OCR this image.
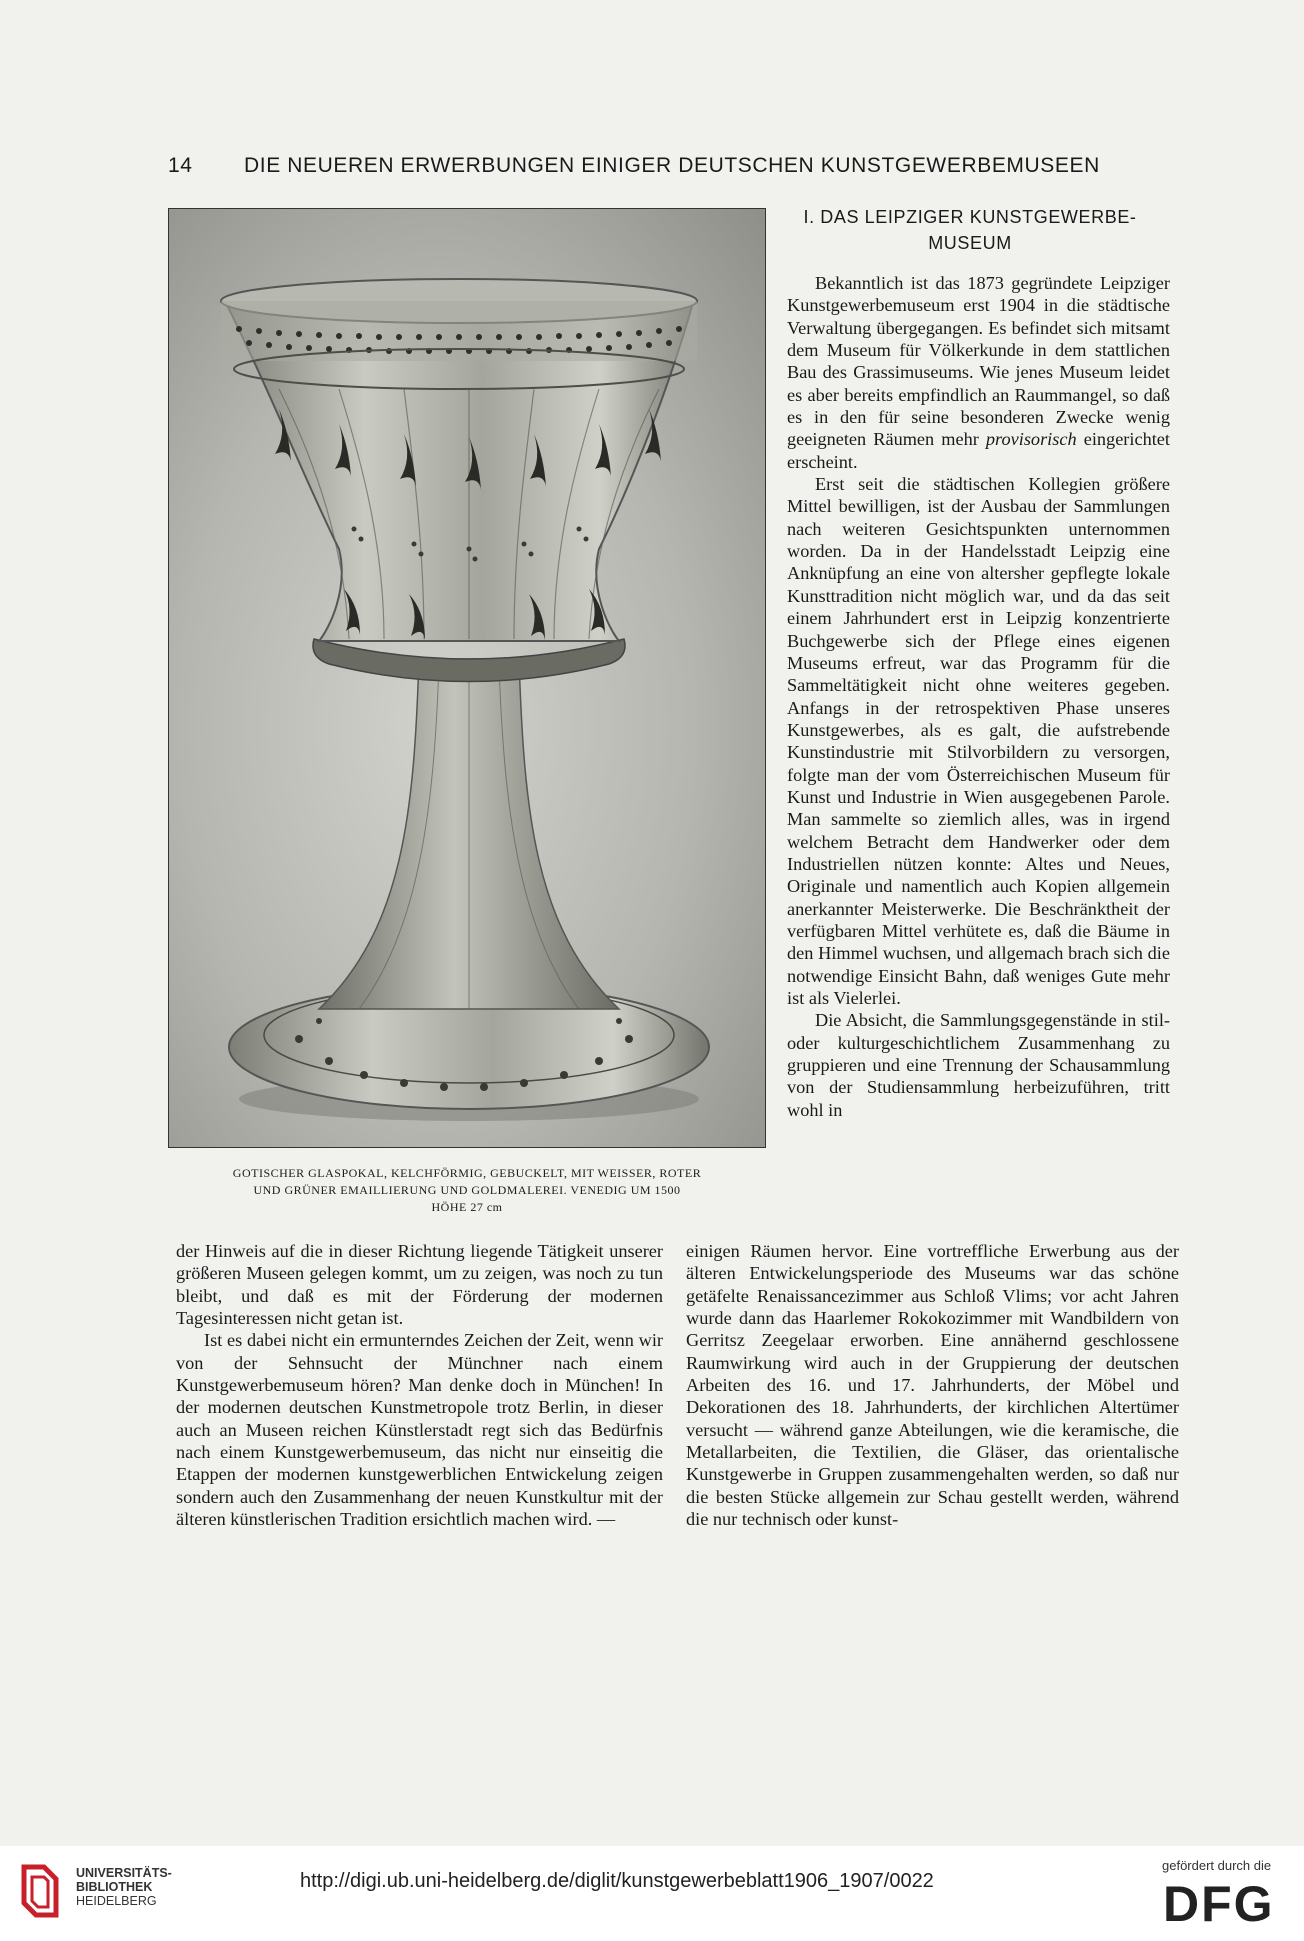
14 DIE NEUEREN ERWERBUNGEN EINIGER DEUTSCHEN KUNSTGEWERBEMUSEEN
GOTISCHER GLASPOKAL, KELCHFÖRMIG, GEBUCKELT, MIT WEISSER, ROTER
UND GRÜNER EMAILLIERUNG UND GOLDMALEREI. VENEDIG UM 1500
HÖHE 27 cm
I. DAS LEIPZIGER KUNSTGEWERBE-
MUSEUM

Bekanntlich ist das 1873 gegründete Leipziger Kunstgewerbemuseum erst 1904 in die städtische Verwaltung übergegangen. Es befindet sich mitsamt dem Museum für Völkerkunde in dem stattlichen Bau des Grassimuseums. Wie jenes Museum leidet es aber bereits empfindlich an Raummangel, so daß es in den für seine besonderen Zwecke wenig geeigneten Räumen mehr provisorisch eingerichtet erscheint.

Erst seit die städtischen Kollegien größere Mittel bewilligen, ist der Ausbau der Sammlungen nach weiteren Gesichtspunkten unternommen worden. Da in der Handelsstadt Leipzig eine Anknüpfung an eine von altersher gepflegte lokale Kunsttradition nicht möglich war, und da das seit einem Jahrhundert erst in Leipzig konzentrierte Buchgewerbe sich der Pflege eines eigenen Museums erfreut, war das Programm für die Sammeltätigkeit nicht ohne weiteres gegeben. Anfangs in der retrospektiven Phase unseres Kunstgewerbes, als es galt, die aufstrebende Kunstindustrie mit Stilvorbildern zu versorgen, folgte man der vom Österreichischen Museum für Kunst und Industrie in Wien ausgegebenen Parole. Man sammelte so ziemlich alles, was in irgend welchem Betracht dem Handwerker oder dem Industriellen nützen konnte: Altes und Neues, Originale und namentlich auch Kopien allgemein anerkannter Meisterwerke. Die Beschränktheit der verfügbaren Mittel verhütete es, daß die Bäume in den Himmel wuchsen, und allgemach brach sich die notwendige Einsicht Bahn, daß weniges Gute mehr ist als Vielerlei.

Die Absicht, die Sammlungsgegenstände in stil- oder kulturgeschichtlichem Zusammenhang zu gruppieren und eine Trennung der Schausammlung von der Studiensammlung herbeizuführen, tritt wohl in

der Hinweis auf die in dieser Richtung liegende Tätigkeit unserer größeren Museen gelegen kommt, um zu zeigen, was noch zu tun bleibt, und daß es mit der Förderung der modernen Tagesinteressen nicht getan ist.

Ist es dabei nicht ein ermunterndes Zeichen der Zeit, wenn wir von der Sehnsucht der Münchner nach einem Kunstgewerbemuseum hören? Man denke doch in München! In der modernen deutschen Kunstmetropole trotz Berlin, in dieser auch an Museen reichen Künstlerstadt regt sich das Bedürfnis nach einem Kunstgewerbemuseum, das nicht nur einseitig die Etappen der modernen kunstgewerblichen Entwickelung zeigen sondern auch den Zusammenhang der neuen Kunstkultur mit der älteren künstlerischen Tradition ersichtlich machen wird. —

einigen Räumen hervor. Eine vortreffliche Erwerbung aus der älteren Entwickelungsperiode des Museums war das schöne getäfelte Renaissancezimmer aus Schloß Vlims; vor acht Jahren wurde dann das Haarlemer Rokokozimmer mit Wandbildern von Gerritsz Zeegelaar erworben. Eine annähernd geschlossene Raumwirkung wird auch in der Gruppierung der deutschen Arbeiten des 16. und 17. Jahrhunderts, der Möbel und Dekorationen des 18. Jahrhunderts, der kirchlichen Altertümer versucht — während ganze Abteilungen, wie die keramische, die Metallarbeiten, die Textilien, die Gläser, das orientalische Kunstgewerbe in Gruppen zusammengehalten werden, so daß nur die besten Stücke allgemein zur Schau gestellt werden, während die nur technisch oder kunst-

UNIVERSITÄTS-
BIBLIOTHEK
HEIDELBERG
http://digi.ub.uni-heidelberg.de/diglit/kunstgewerbeblatt1906_1907/0022
gefördert durch die
DFG
